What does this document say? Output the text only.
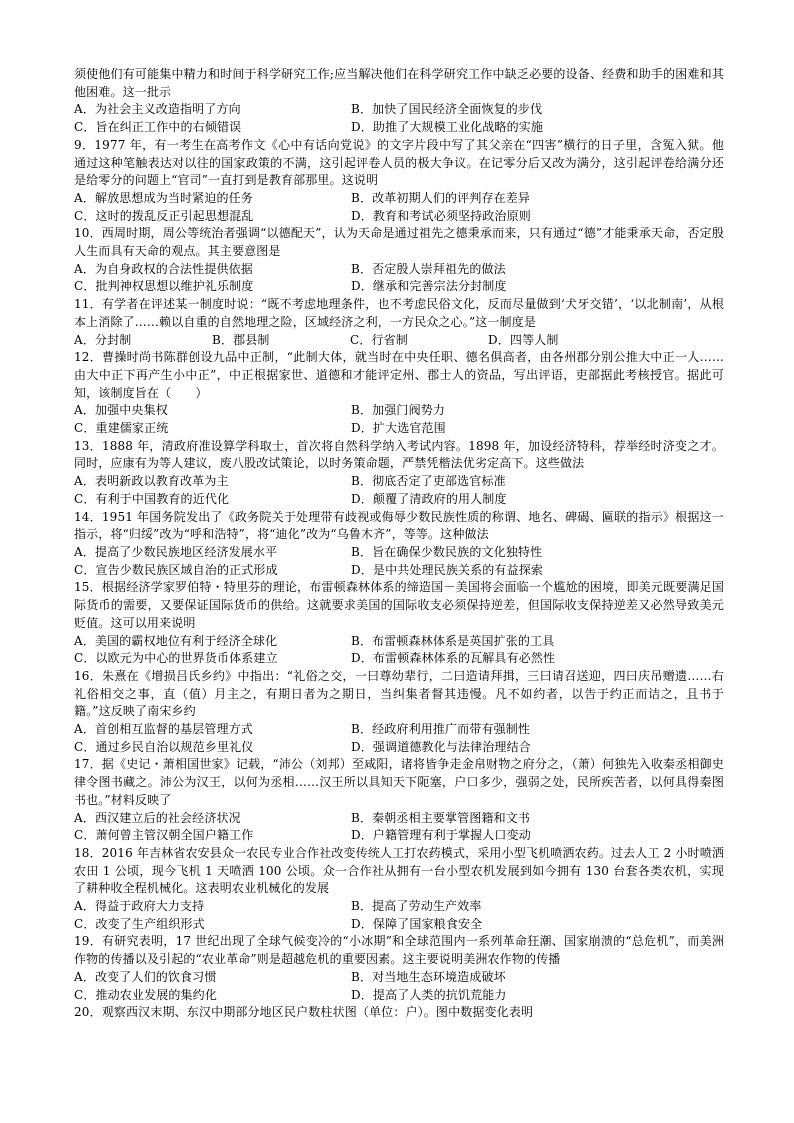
须使他们有可能集中精力和时间于科学研究工作;应当解决他们在科学研究工作中缺乏必要的设备、经费和助手的困难和其他困难。这一批示

A．为社会主义改造指明了方向	B．加快了国民经济全面恢复的步伐
C．旨在纠正工作中的右倾错误	D．助推了大规模工业化战略的实施

9．1977 年，有一考生在高考作文《心中有话向党说》的文字片段中写了其父亲在“四害”横行的日子里，含冤入狱。他通过这种笔触表达对以往的国家政策的不满，这引起评卷人员的极大争议。在记零分后又改为满分，这引起评卷给满分还是给零分的问题上“官司”一直打到是教育部那里。这说明

A．解放思想成为当时紧迫的任务	B．改革初期人们的评判存在差异
C．这时的拨乱反正引起思想混乱	D．教育和考试必须坚持政治原则

10．西周时期，周公等统治者强调“以德配天”，认为天命是通过祖先之德秉承而来，只有通过“德”才能秉承天命，否定殷人生而具有天命的观点。其主要意图是

A．为自身政权的合法性提供依据	B．否定殷人崇拜祖先的做法
C．批判神权思想以维护礼乐制度	D．继承和完善宗法分封制度

11．有学者在评述某一制度时说：“既不考虑地理条件，也不考虑民俗文化，反而尽量做到‘犬牙交错’，‘以北制南’，从根本上消除了……赖以自重的自然地理之险，区域经济之利，一方民众之心。”这一制度是

A．分封制	B．郡县制	C．行省制	D．四等人制

12．曹操时尚书陈群创设九品中正制，“此制大体，就当时在中央任职、德名俱高者，由各州郡分别公推大中正一人……由大中正下再产生小中正”，中正根据家世、道德和才能评定州、郡士人的资品，写出评语，吏部据此考核授官。据此可知，该制度旨在（　　）

A．加强中央集权	B．加强门阀势力
C．重建儒家正统	D．扩大选官范围

13．1888 年，清政府准设算学科取士，首次将自然科学纳入考试内容。1898 年，加设经济特科，荐举经时济变之才。同时，应康有为等人建议，废八股改试策论，以时务策命题，严禁凭楷法优劣定高下。这些做法

A．表明新政以教育改革为主	B．彻底否定了吏部选官标准
C．有利于中国教育的近代化	D．颠覆了清政府的用人制度

14．1951 年国务院发出了《政务院关于处理带有歧视或侮辱少数民族性质的称谓、地名、碑碣、匾联的指示》根据这一指示，将“归绥”改为“呼和浩特”，将“迪化”改为“乌鲁木齐”，等等。这种做法

A．提高了少数民族地区经济发展水平	B．旨在确保少数民族的文化独特性
C．宣告少数民族区域自治的正式形成	D．是中共处理民族关系的有益探索

15．根据经济学家罗伯特・特里芬的理论，布雷顿森林体系的缔造国－美国将会面临一个尴尬的困境，即美元既要满足国际货币的需要，又要保证国际货币的供给。这就要求美国的国际收支必须保持逆差，但国际收支保持逆差又必然导致美元贬值。这可以用来说明

A．美国的霸权地位有利于经济全球化	B．布雷顿森林体系是英国扩张的工具
C．以欧元为中心的世界货币体系建立	D．布雷顿森林体系的瓦解具有必然性

16．朱熹在《增损吕氏乡约》中指出：“礼俗之交，一曰尊幼辈行，二曰造请拜揖，三曰请召送迎，四曰庆吊赠遗……右礼俗相交之事，直（值）月主之，有期日者为之期日，当纠集者督其违慢。凡不如约者，以告于约正而诘之，且书于籍。”这反映了南宋乡约

A．首创相互监督的基层管理方式	B．经政府利用推广而带有强制性
C．通过乡民自治以规范乡里礼仪	D．强调道德教化与法律治理结合

17．据《史记・萧相国世家》记载，“沛公（刘邦）至咸阳，诸将皆争走金帛财物之府分之，（萧）何独先入收秦丞相御史律令图书藏之。沛公为汉王，以何为丞相……汉王所以具知天下阨塞，户口多少，强弱之处，民所疾苦者，以何具得秦图书也。”材料反映了

A．西汉建立后的社会经济状况	B．秦朝丞相主要掌管图籍和文书
C．萧何曾主管汉朝全国户籍工作	D．户籍管理有利于掌握人口变动

18．2016 年吉林省农安县众一农民专业合作社改变传统人工打农药模式，采用小型飞机喷洒农药。过去人工 2 小时喷洒农田 1 公顷，现今飞机 1 天喷洒 100 公顷。众一合作社从拥有一台小型农机发展到如今拥有 130 台套各类农机，实现了耕种收全程机械化。这表明农业机械化的发展

A．得益于政府大力支持	B．提高了劳动生产效率
C．改变了生产组织形式	D．保障了国家粮食安全

19．有研究表明，17 世纪出现了全球气候变冷的“小冰期”和全球范围内一系列革命狂潮、国家崩溃的“总危机”，而美洲作物的传播以及引起的“农业革命”则是超越危机的重要因素。这主要说明美洲农作物的传播

A．改变了人们的饮食习惯	B．对当地生态环境造成破坏
C．推动农业发展的集约化	D．提高了人类的抗饥荒能力

20．观察西汉末期、东汉中期部分地区民户数柱状图（单位：户）。图中数据变化表明
